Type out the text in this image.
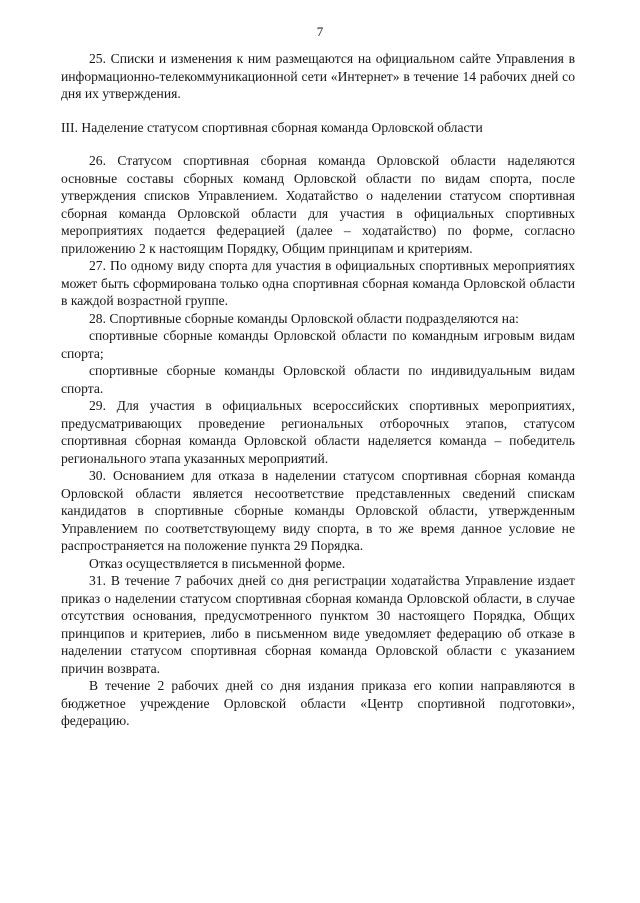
7

25. Списки и изменения к ним размещаются на официальном сайте Управления в информационно-телекоммуникационной сети «Интернет» в течение 14 рабочих дней со дня их утверждения.

III. Наделение статусом спортивная сборная команда Орловской области

26. Статусом спортивная сборная команда Орловской области наделяются основные составы сборных команд Орловской области по видам спорта, после утверждения списков Управлением. Ходатайство о наделении статусом спортивная сборная команда Орловской области для участия в официальных спортивных мероприятиях подается федерацией (далее – ходатайство) по форме, согласно приложению 2 к настоящим Порядку, Общим принципам и критериям.

27. По одному виду спорта для участия в официальных спортивных мероприятиях может быть сформирована только одна спортивная сборная команда Орловской области в каждой возрастной группе.

28. Спортивные сборные команды Орловской области подразделяются на:

спортивные сборные команды Орловской области по командным игровым видам спорта;

спортивные сборные команды Орловской области по индивидуальным видам спорта.

29. Для участия в официальных всероссийских спортивных мероприятиях, предусматривающих проведение региональных отборочных этапов, статусом спортивная сборная команда Орловской области наделяется команда – победитель регионального этапа указанных мероприятий.

30. Основанием для отказа в наделении статусом спортивная сборная команда Орловской области является несоответствие представленных сведений спискам кандидатов в спортивные сборные команды Орловской области, утвержденным Управлением по соответствующему виду спорта, в то же время данное условие не распространяется на положение пункта 29 Порядка.

Отказ осуществляется в письменной форме.

31. В течение 7 рабочих дней со дня регистрации ходатайства Управление издает приказ о наделении статусом спортивная сборная команда Орловской области, в случае отсутствия основания, предусмотренного пунктом 30 настоящего Порядка, Общих принципов и критериев, либо в письменном виде уведомляет федерацию об отказе в наделении статусом спортивная сборная команда Орловской области с указанием причин возврата.

В течение 2 рабочих дней со дня издания приказа его копии направляются в бюджетное учреждение Орловской области «Центр спортивной подготовки», федерацию.
